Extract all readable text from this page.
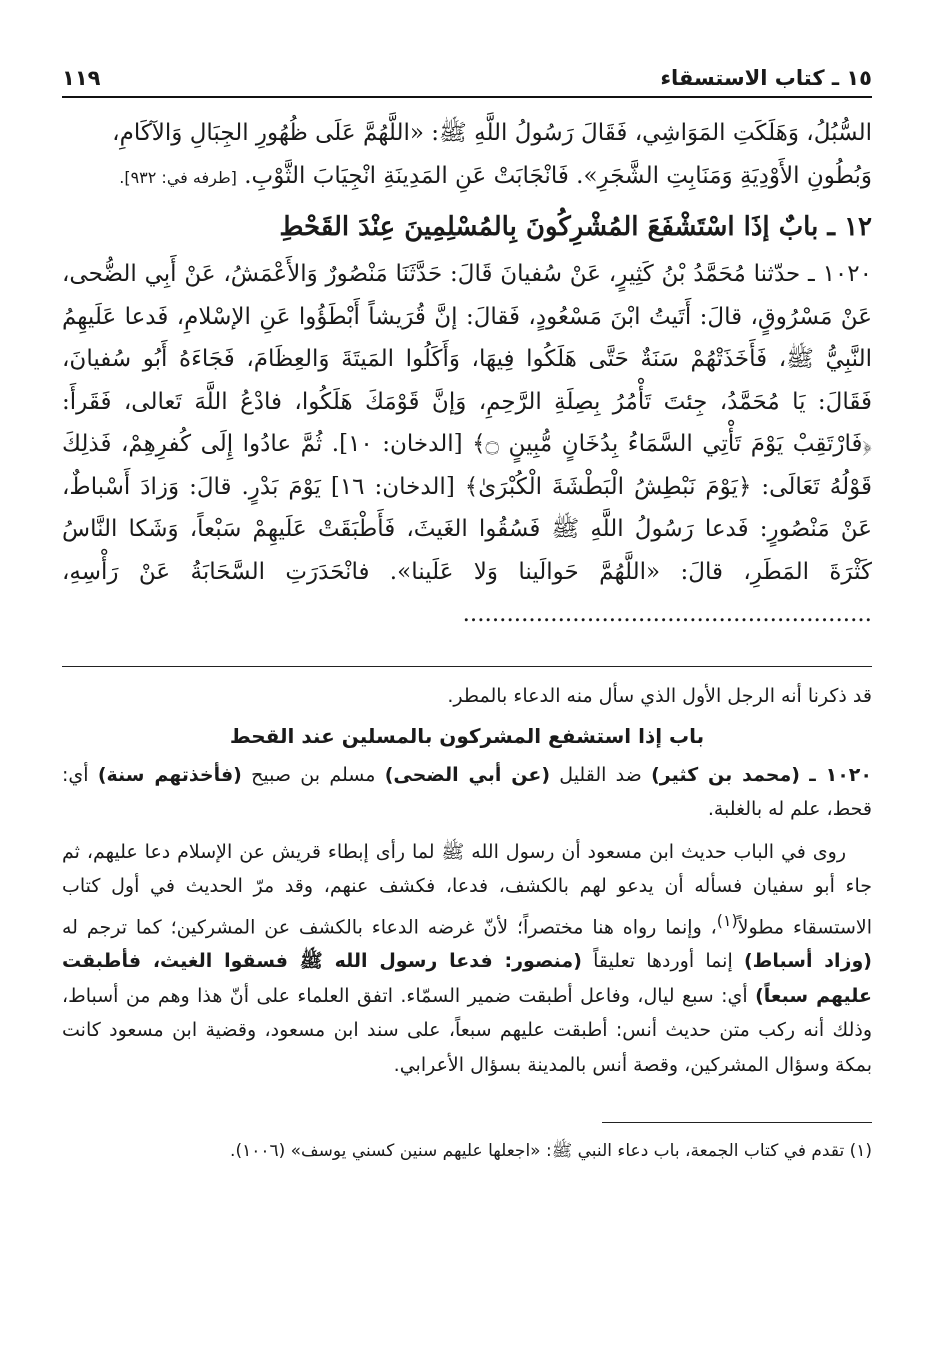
١٥ ـ كتاب الاستسقاء
١١٩

السُّبُلُ، وَهَلَكَتِ المَوَاشِي، فَقَالَ رَسُولُ اللَّهِ ﷺ: «اللَّهُمَّ عَلَى ظُهُورِ الجِبَالِ وَالآكَامِ،

وَبُطُونِ الأَوْدِيَةِ وَمَنَابِتِ الشَّجَرِ». فَانْجَابَتْ عَنِ المَدِينَةِ انْجِيَابَ الثَّوْبِ. [طرفه في: ٩٣٢].

١٢ ـ بابٌ إذَا اسْتَشْفَعَ المُشْرِكُونَ بِالمُسْلِمِينَ عِنْدَ القَحْطِ

١٠٢٠ ـ حدّثنا مُحَمَّدُ بْنُ كَثِيرٍ، عَنْ سُفيانَ قَالَ: حَدَّثَنَا مَنْصُورٌ وَالأَعْمَشُ، عَنْ أَبِي الضُّحى، عَنْ مَسْرُوقٍ، قالَ: أَتَيتُ ابْنَ مَسْعُودٍ، فَقالَ: إنَّ قُرَيشاً أَبْطَؤُوا عَنِ الإسْلامِ، فَدعا عَلَيهِمُ النَّبِيُّ ﷺ، فَأَخَذَتْهُمْ سَنَةٌ حَتَّى هَلَكُوا فِيهَا، وَأَكَلُوا المَيتَةَ وَالعِظَامَ، فَجَاءَهُ أَبُو سُفيانَ، فَقَالَ: يَا مُحَمَّدُ، جِئتَ تَأْمُرُ بِصِلَةِ الرَّحِمِ، وَإنَّ قَوْمَكَ هَلَكُوا، فادْعُ اللَّهَ تَعالى، فَقَرأَ: ﴿فَارْتَقِبْ يَوْمَ تَأْتِي السَّمَاءُ بِدُخَانٍ مُّبِينٍ ۝﴾ [الدخان: ١٠]. ثُمَّ عادُوا إِلَى كُفرِهِمْ، فَذلِكَ قَوْلُهُ تَعَالَى: ﴿يَوْمَ نَبْطِشُ الْبَطْشَةَ الْكُبْرَىٰ﴾ [الدخان: ١٦] يَوْمَ بَدْرٍ. قالَ: وَزادَ أَسْباطٌ، عَنْ مَنْصُورٍ: فَدعا رَسُولُ اللَّهِ ﷺ فَسُقُوا الغَيثَ، فَأَطْبَقَتْ عَلَيهِمْ سَبْعاً، وَشَكا النَّاسُ كَثْرَةَ المَطَرِ، قالَ: «اللَّهُمَّ حَوالَينا وَلا عَلَينا». فانْحَدَرَتِ السَّحَابَةُ عَنْ رَأْسِهِ، ........................................................

قد ذكرنا أنه الرجل الأول الذي سأل منه الدعاء بالمطر.

باب إذا استشفع المشركون بالمسلين عند القحط

١٠٢٠ ـ (محمد بن كثير) ضد القليل (عن أبي الضحى) مسلم بن صبيح (فأخذتهم سنة) أي: قحط، علم له بالغلبة.

روى في الباب حديث ابن مسعود أن رسول الله ﷺ لما رأى إبطاء قريش عن الإسلام دعا عليهم، ثم جاء أبو سفيان فسأله أن يدعو لهم بالكشف، فدعا، فكشف عنهم، وقد مرّ الحديث في أول كتاب الاستسقاء مطولاً$^{(١)}$، وإنما رواه هنا مختصراً؛ لأنّ غرضه الدعاء بالكشف عن المشركين؛ كما ترجم له (وزاد أسباط) إنما أوردها تعليقاً (منصور: فدعا رسول الله ﷺ فسقوا الغيث، فأطبقت عليهم سبعاً) أي: سبع ليال، وفاعل أطبقت ضمير السمّاء. اتفق العلماء على أنّ هذا وهم من أسباط، وذلك أنه ركب متن حديث أنس: أطبقت عليهم سبعاً، على سند ابن مسعود، وقضية ابن مسعود كانت بمكة وسؤال المشركين، وقصة أنس بالمدينة بسؤال الأعرابي.

(١) تقدم في كتاب الجمعة، باب دعاء النبي ﷺ: «اجعلها عليهم سنين كسني يوسف» (١٠٠٦).
